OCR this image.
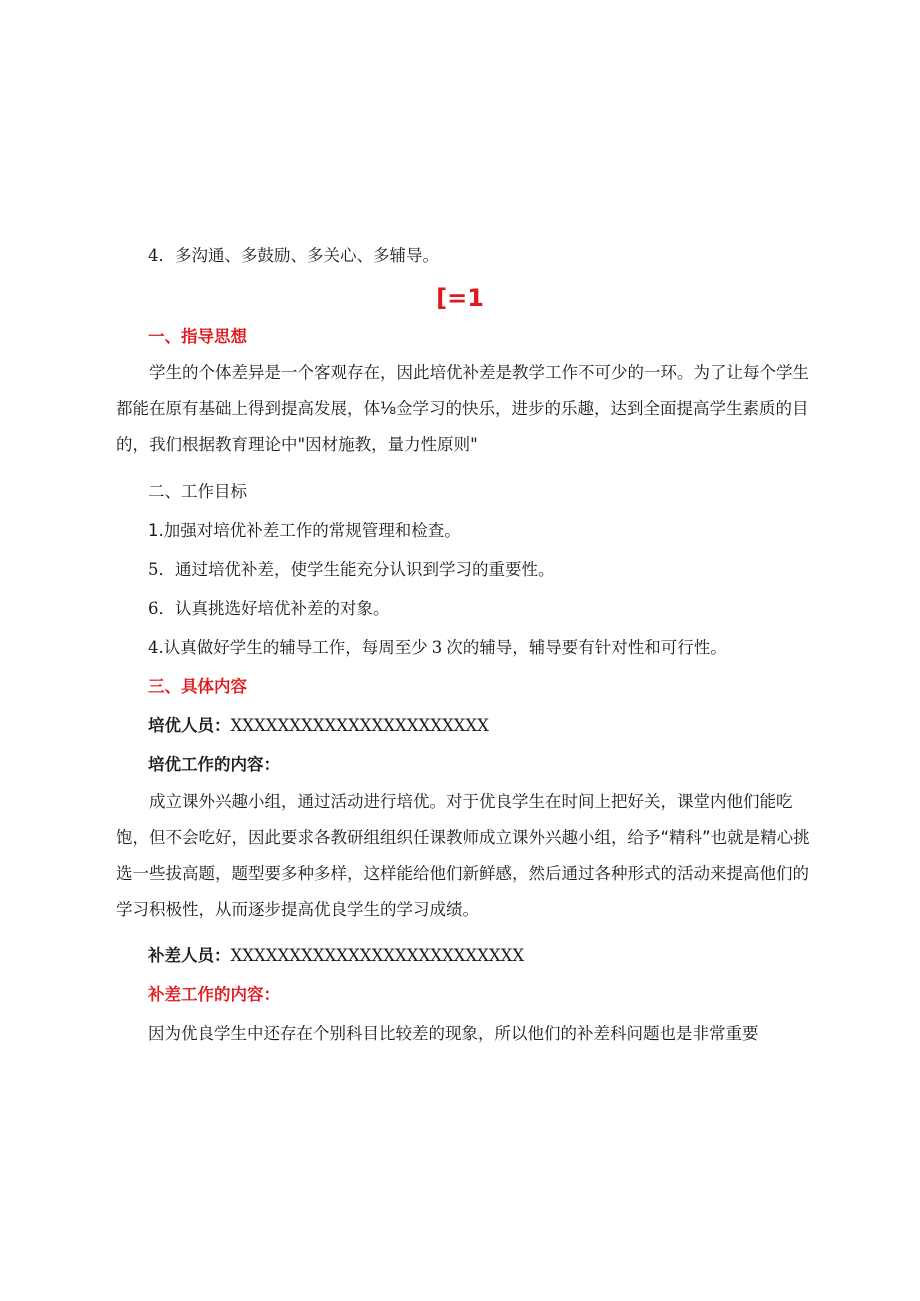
4．多沟通、多鼓励、多关心、多辅导。
[=1
一、指导思想
学生的个体差异是一个客观存在，因此培优补差是教学工作不可少的一环。为了让每个学生都能在原有基础上得到提高发展，体⅛佥学习的快乐，进步的乐趣，达到全面提高学生素质的目的，我们根据教育理论中"因材施教，量力性原则"
二、工作目标
1.加强对培优补差工作的常规管理和检查。
5．通过培优补差，使学生能充分认识到学习的重要性。
6．认真挑选好培优补差的对象。
4.认真做好学生的辅导工作，每周至少 3 次的辅导，辅导要有针对性和可行性。
三、具体内容
培优人员：XXXXXXXXXXXXXXXXXXXXXX
培优工作的内容：
成立课外兴趣小组，通过活动进行培优。对于优良学生在时间上把好关，课堂内他们能吃饱，但不会吃好，因此要求各教研组组织任课教师成立课外兴趣小组，给予“精科”也就是精心挑选一些拔高题，题型要多种多样，这样能给他们新鲜感，然后通过各种形式的活动来提高他们的学习积极性，从而逐步提高优良学生的学习成绩。
补差人员：XXXXXXXXXXXXXXXXXXXXXXXXX
补差工作的内容：
因为优良学生中还存在个别科目比较差的现象，所以他们的补差科问题也是非常重要
